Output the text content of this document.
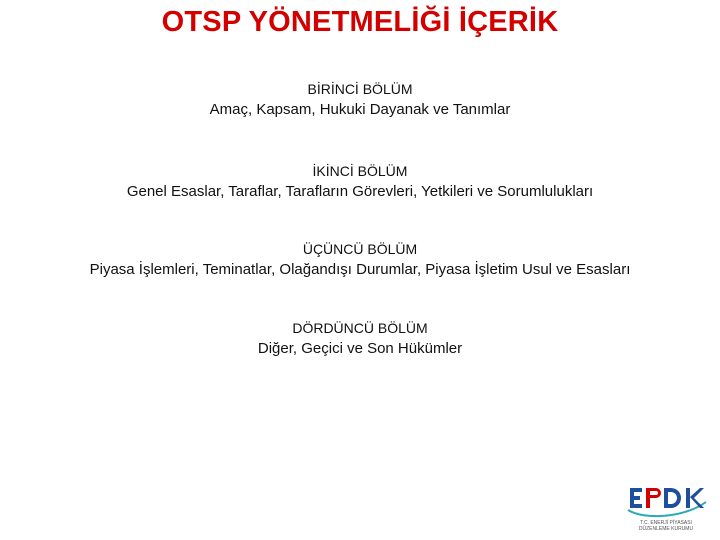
OTSP YÖNETMELİĞİ İÇERİK
BİRİNCİ BÖLÜM
Amaç, Kapsam, Hukuki Dayanak ve Tanımlar
İKİNCİ BÖLÜM
Genel Esaslar, Taraflar, Tarafların Görevleri, Yetkileri ve Sorumlulukları
ÜÇÜNCÜ BÖLÜM
Piyasa İşlemleri, Teminatlar, Olağandışı Durumlar, Piyasa İşletim Usul ve Esasları
DÖRDÜNCÜ BÖLÜM
Diğer, Geçici ve Son Hükümler
T.C. ENERJİ PİYASASI
DÜZENLEME KURUMU
